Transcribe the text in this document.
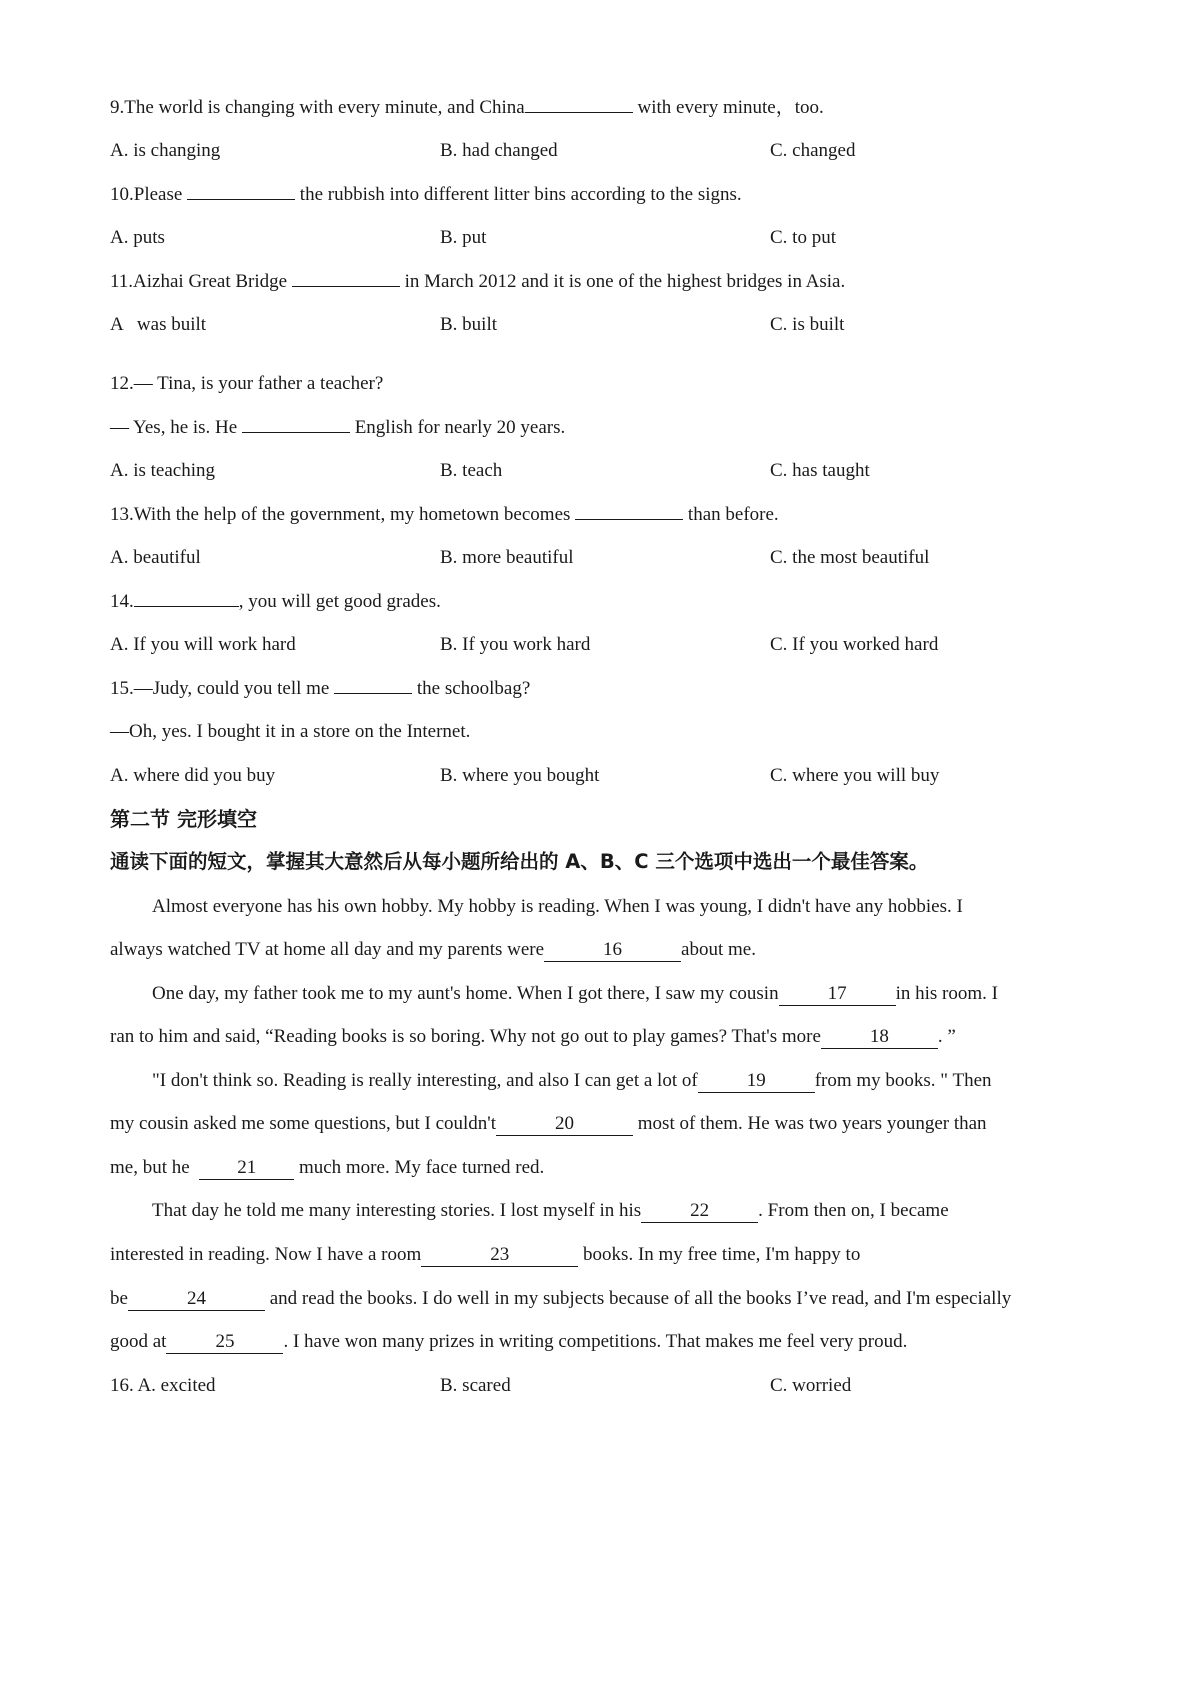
9.The world is changing with every minute, and China	with every minute，too.
A. is changing	B. had changed	C. changed
10.Please	the rubbish into different litter bins according to the signs.
A. puts	B. put	C. to put
11.Aizhai Great Bridge	in March 2012 and it is one of the highest bridges in Asia.
A   was built	B. built	C. is built
12.— Tina, is your father a teacher?
— Yes, he is. He	English for nearly 20 years.
A. is teaching	B. teach	C. has taught
13.With the help of the government, my hometown becomes	than before.
A. beautiful	B. more beautiful	C. the most beautiful
14.	, you will get good grades.
A. If you will work hard	B. If you work hard	C. If you worked hard
15.—Judy, could you tell me	the schoolbag?
—Oh, yes. I bought it in a store on the Internet.
A. where did you buy	B. where you bought	C. where you will buy
第二节 完形填空
通读下面的短文，掌握其大意然后从每小题所给出的 A、B、C 三个选项中选出一个最佳答案。
Almost everyone has his own hobby. My hobby is reading. When I was young, I didn't have any hobbies. I
always watched TV at home all day and my parents were	16	about me.
One day, my father took me to my aunt's home. When I got there, I saw my cousin	17	in his room. I
ran to him and said, “Reading books is so boring. Why not go out to play games? That's more	18	. ”
"I don't think so. Reading is really interesting, and also I can get a lot of	19	from my books. " Then
my cousin asked me some questions, but I couldn't	20	most of them. He was two years younger than
me, but he  21 much more. My face turned red.
That day he told me many interesting stories. I lost myself in his	22	. From then on, I became
interested in reading. Now I have a room	23	books. In my free time, I'm happy to
be	24	and read the books. I do well in my subjects because of all the books I’ve read, and I'm especially
good at	25	. I have won many prizes in writing competitions. That makes me feel very proud.
16. A. excited	B. scared	C. worried
